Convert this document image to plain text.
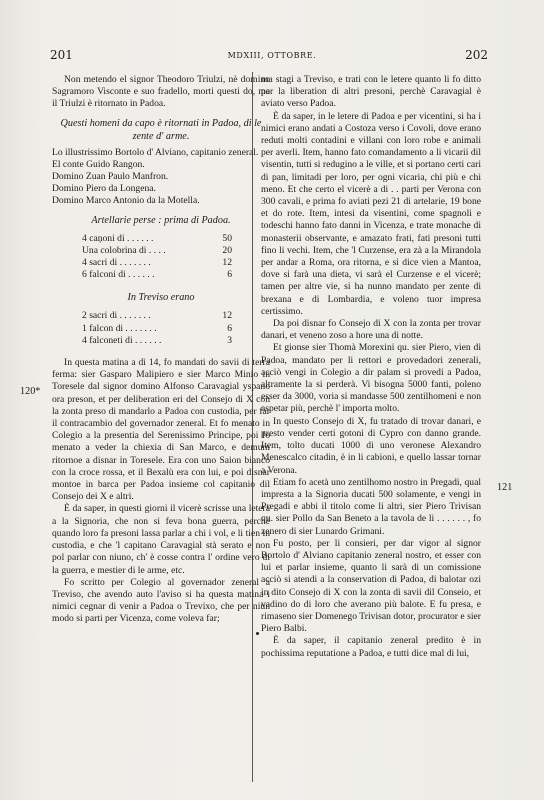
201	MDXIII, OTTOBRE.	202
120*
121

Non metendo el signor Theodoro Triulzi, nè domino Sagramoro Visconte e suo fradello, morti questi do, ma il Triulzi è ritornato in Padoa.

Questi homeni da capo è ritornati in Padoa, di le zente d' arme.

Lo illustrissimo Bortolo d' Alviano, capitanio zeneral.

El conte Guido Rangon.

Domino Zuan Paulo Manfron.

Domino Piero da Longena.

Domino Marco Antonio da la Motella.

Artellarie perse : prima di Padoa.
4 caņoni di . . . . . .	50
Una colobrina di . . . .	20
4 sacri di . . . . . . .	12
6 falconi di . . . . . .	6
In Treviso erano
2 sacri di . . . . . . .	12
1 falcon di . . . . . . .	6
4 falconeti di . . . . . .	3

In questa matina a dì 14, fo mandati do savii di terra ferma: sier Gasparo Malipiero e sier Marco Minio in Toresele dal signor domino Alfonso Caravagial yspano ora preson, et per deliberation eri del Consejo di X con la zonta preso di mandarlo a Padoa con custodia, per far il contracambio del governador zeneral. Et fo menato in Colegio a la presentia del Serenissimo Principe, poi fo menato a veder la chiexia di San Marco, e demum ritornoe a disnar in Toresele. Era con uno Saion bianco con la croce rossa, et il Bexalù era con lui, e poi disnar montoe in barca per Padoa insieme col capitanio dil Consejo dei X e altri.

È da saper, in questi giorni il vicerè scrisse una letera a la Signoria, che non si feva bona guerra, perchè quando loro fa presoni lassa parlar a chi i vol, e li tien in custodia, e che 'l capitano Caravagial stà serato e non pol parlar con niuno, ch' è cosse contra l' ordine vero di la guerra, e mestier di le arme, etc.

Fo scritto per Colegio al governador zeneral a Treviso, che avendo auto l'aviso si ha questa matina i nimici cegnar di venir a Padoa o Trevixo, che per niun modo si parti per Vicenza, come voleva far;

ma stagi a Treviso, e trati con le letere quanto li fo ditto per la liberation di altri presoni, perchè Caravagial è aviato verso Padoa.

È da saper, in le letere di Padoa e per vicentini, si ha i nimici erano andati a Costoza verso i Covoli, dove erano reduti molti contadini e villani con loro robe e animali per averli. Item, hanno fato comandamento a li vicarii dil visentin, tutti si redugino a le ville, et si portano certi cari di pan, limitadi per loro, per ogni vicaria, chi più e chi meno. Et che certo el vicerè a di . . parti per Verona con 300 cavali, e prima fo aviati pezi 21 di artelarie, 19 bone et do rote. Item, intesi da visentini, come spagnoli e todeschi hanno fato danni in Vicenza, e trate monache di monasterii observante, e amazato frati, fati presoni tutti fino li vechi. Item, che 'l Curzense, era zà a la Mirandola per andar a Roma, ora ritorna, e si dice vien a Mantoa, dove si farà una dieta, vi sarà el Curzense e el vicerè; tamen per altre vie, si ha nunno mandato per zente di brexana e di Lombardia, e voleno tuor impresa certissimo.

Da poi disnar fo Consejo di X con la zonta per trovar danari, et veneno zoso a hore una di notte.

Et gionse sier Thomà Morexini qu. sier Piero, vien di Padoa, mandato per li rettori e provedadori zenerali, acciò vengi in Colegio a dir palam si provedi a Padoa, altramente la si perderà. Vi bisogna 5000 fanti, poleno esser da 3000, voria si mandasse 500 zentilhomeni e non aspetar più, perchè l' importa molto.

In questo Consejo di X, fu tratado di trovar danari, e presto vender certi gotoni di Cypro con danno grande. Item, tolto ducati 1000 di uno veronese Alexandro Menescalco citadin, è in li cabioni, e quello lassar tornar a Verona.

Etiam fo acetà uno zentilhomo nostro in Pregadi, qual impresta a la Signoria ducati 500 solamente, e vengi in Pregadi e abbi il titolo come li altri, sier Piero Trivisan qu. sier Pollo da San Beneto a la tavola de li . . . . . . , fo zenero di sier Lunardo Grimani.

Fu posto, per li consieri, per dar vigor al signor Bortolo d' Alviano capitanio zeneral nostro, et esser con lui et parlar insieme, quanto li sarà di un comissione acciò si atendi a la conservation di Padoa, di balotar ozi in dito Consejo di X con la zonta di savii dil Conseio, et vadino do di loro che averano più balote. E fu presa, e rimaseno sier Domenego Trivisan dotor, procurator e sier Piero Balbi.

È da saper, il capitanio zeneral predito è in pochissima reputatione a Padoa, e tutti dice mal di lui,
